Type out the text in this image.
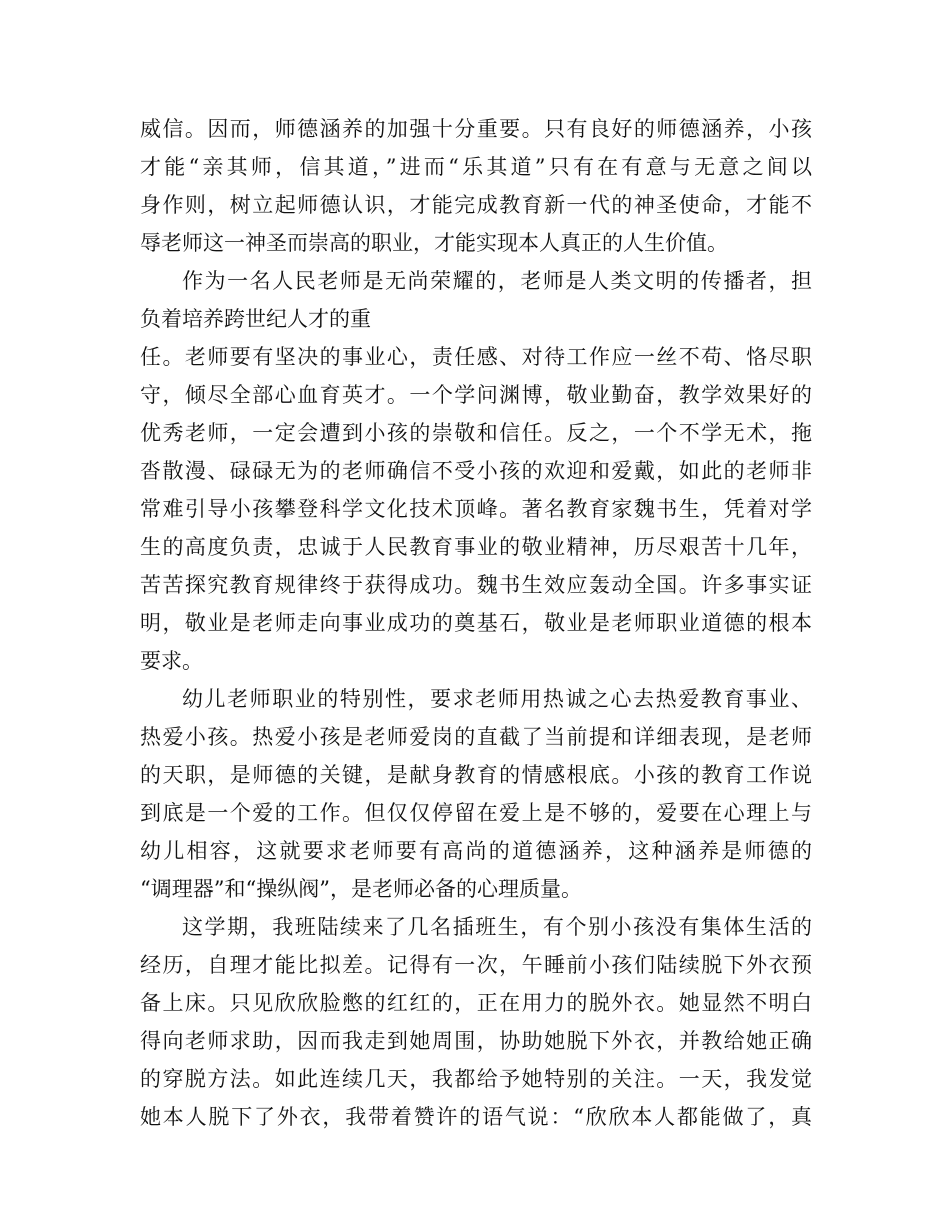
威信。因而，师德涵养的加强十分重要。只有良好的师德涵养，小孩
才能“亲其师，信其道，”进而“乐其道”只有在有意与无意之间以
身作则，树立起师德认识，才能完成教育新一代的神圣使命，才能不
辱老师这一神圣而崇高的职业，才能实现本人真正的人生价值。
作为一名人民老师是无尚荣耀的，老师是人类文明的传播者，担
负着培养跨世纪人才的重
任。老师要有坚决的事业心，责任感、对待工作应一丝不苟、恪尽职
守，倾尽全部心血育英才。一个学问渊博，敬业勤奋，教学效果好的
优秀老师，一定会遭到小孩的崇敬和信任。反之，一个不学无术，拖
沓散漫、碌碌无为的老师确信不受小孩的欢迎和爱戴，如此的老师非
常难引导小孩攀登科学文化技术顶峰。著名教育家魏书生，凭着对学
生的高度负责，忠诚于人民教育事业的敬业精神，历尽艰苦十几年，
苦苦探究教育规律终于获得成功。魏书生效应轰动全国。许多事实证
明，敬业是老师走向事业成功的奠基石，敬业是老师职业道德的根本
要求。
幼儿老师职业的特别性，要求老师用热诚之心去热爱教育事业、
热爱小孩。热爱小孩是老师爱岗的直截了当前提和详细表现，是老师
的天职，是师德的关键，是献身教育的情感根底。小孩的教育工作说
到底是一个爱的工作。但仅仅停留在爱上是不够的，爱要在心理上与
幼儿相容，这就要求老师要有高尚的道德涵养，这种涵养是师德的
“调理器”和“操纵阀”，是老师必备的心理质量。
这学期，我班陆续来了几名插班生，有个别小孩没有集体生活的
经历，自理才能比拟差。记得有一次，午睡前小孩们陆续脱下外衣预
备上床。只见欣欣脸憋的红红的，正在用力的脱外衣。她显然不明白
得向老师求助，因而我走到她周围，协助她脱下外衣，并教给她正确
的穿脱方法。如此连续几天，我都给予她特别的关注。一天，我发觉
她本人脱下了外衣，我带着赞许的语气说：“欣欣本人都能做了，真
